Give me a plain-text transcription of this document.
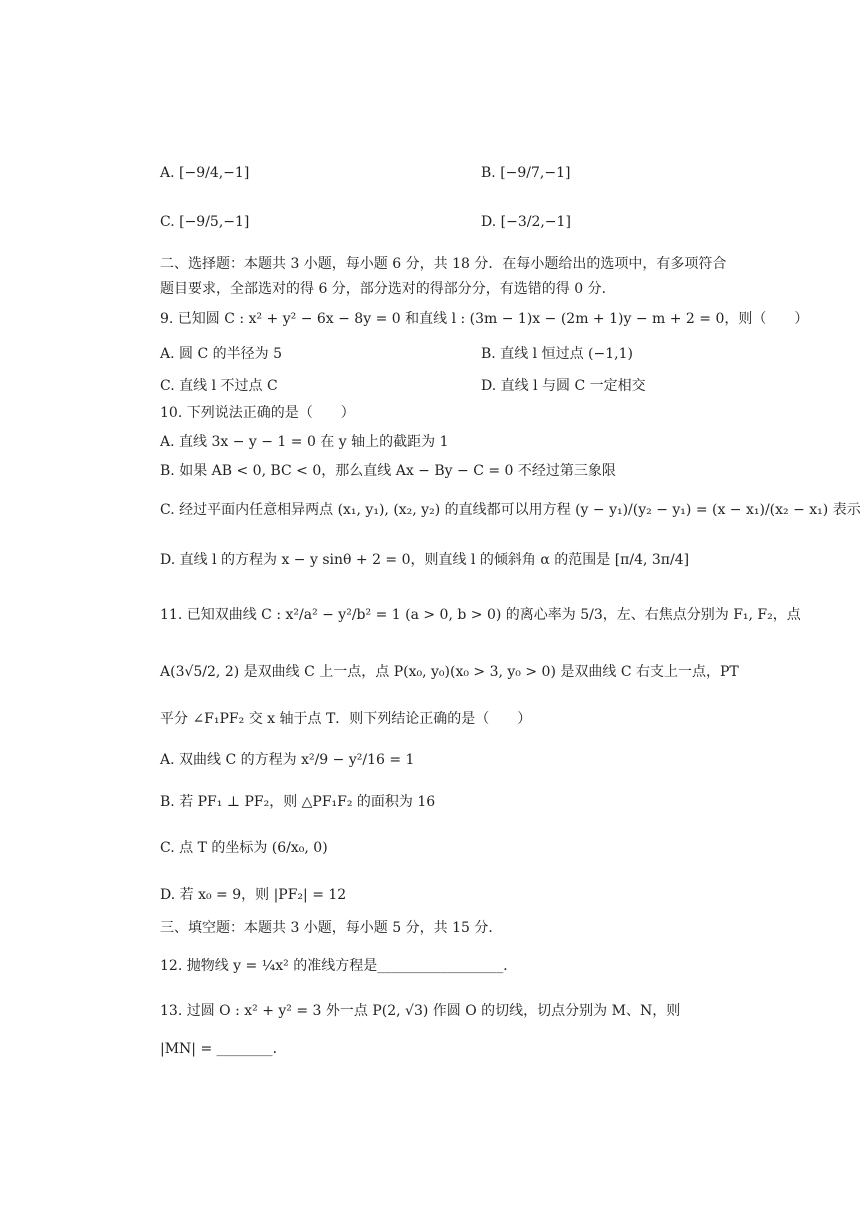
A. [−9/4,−1]	B. [−9/7,−1]
C. [−9/5,−1]	D. [−3/2,−1]
二、选择题：本题共 3 小题，每小题 6 分，共 18 分．在每小题给出的选项中，有多项符合
题目要求，全部选对的得 6 分，部分选对的得部分分，有选错的得 0 分．
9. 已知圆 C : x² + y² − 6x − 8y = 0 和直线 l : (3m − 1)x − (2m + 1)y − m + 2 = 0，则（　　）
A. 圆 C 的半径为 5	B. 直线 l 恒过点 (−1,1)
C. 直线 l 不过点 C	D. 直线 l 与圆 C 一定相交
10. 下列说法正确的是（　　）
A. 直线 3x − y − 1 = 0 在 y 轴上的截距为 1
B. 如果 AB < 0, BC < 0，那么直线 Ax − By − C = 0 不经过第三象限
C. 经过平面内任意相异两点 (x₁, y₁), (x₂, y₂) 的直线都可以用方程 (y − y₁)/(y₂ − y₁) = (x − x₁)/(x₂ − x₁) 表示
D. 直线 l 的方程为 x − y sinθ + 2 = 0，则直线 l 的倾斜角 α 的范围是 [π/4, 3π/4]
11. 已知双曲线 C : x²/a² − y²/b² = 1 (a > 0, b > 0) 的离心率为 5/3，左、右焦点分别为 F₁, F₂，点
A(3√5/2, 2) 是双曲线 C 上一点，点 P(x₀, y₀)(x₀ > 3, y₀ > 0) 是双曲线 C 右支上一点，PT
平分 ∠F₁PF₂ 交 x 轴于点 T．则下列结论正确的是（　　）
A. 双曲线 C 的方程为 x²/9 − y²/16 = 1
B. 若 PF₁ ⊥ PF₂，则 △PF₁F₂ 的面积为 16
C. 点 T 的坐标为 (6/x₀, 0)
D. 若 x₀ = 9，则 |PF₂| = 12
三、填空题：本题共 3 小题，每小题 5 分，共 15 分．
12. 抛物线 y = ¼x² 的准线方程是__________________．
13. 过圆 O : x² + y² = 3 外一点 P(2, √3) 作圆 O 的切线，切点分别为 M、N，则
|MN| = ________．
